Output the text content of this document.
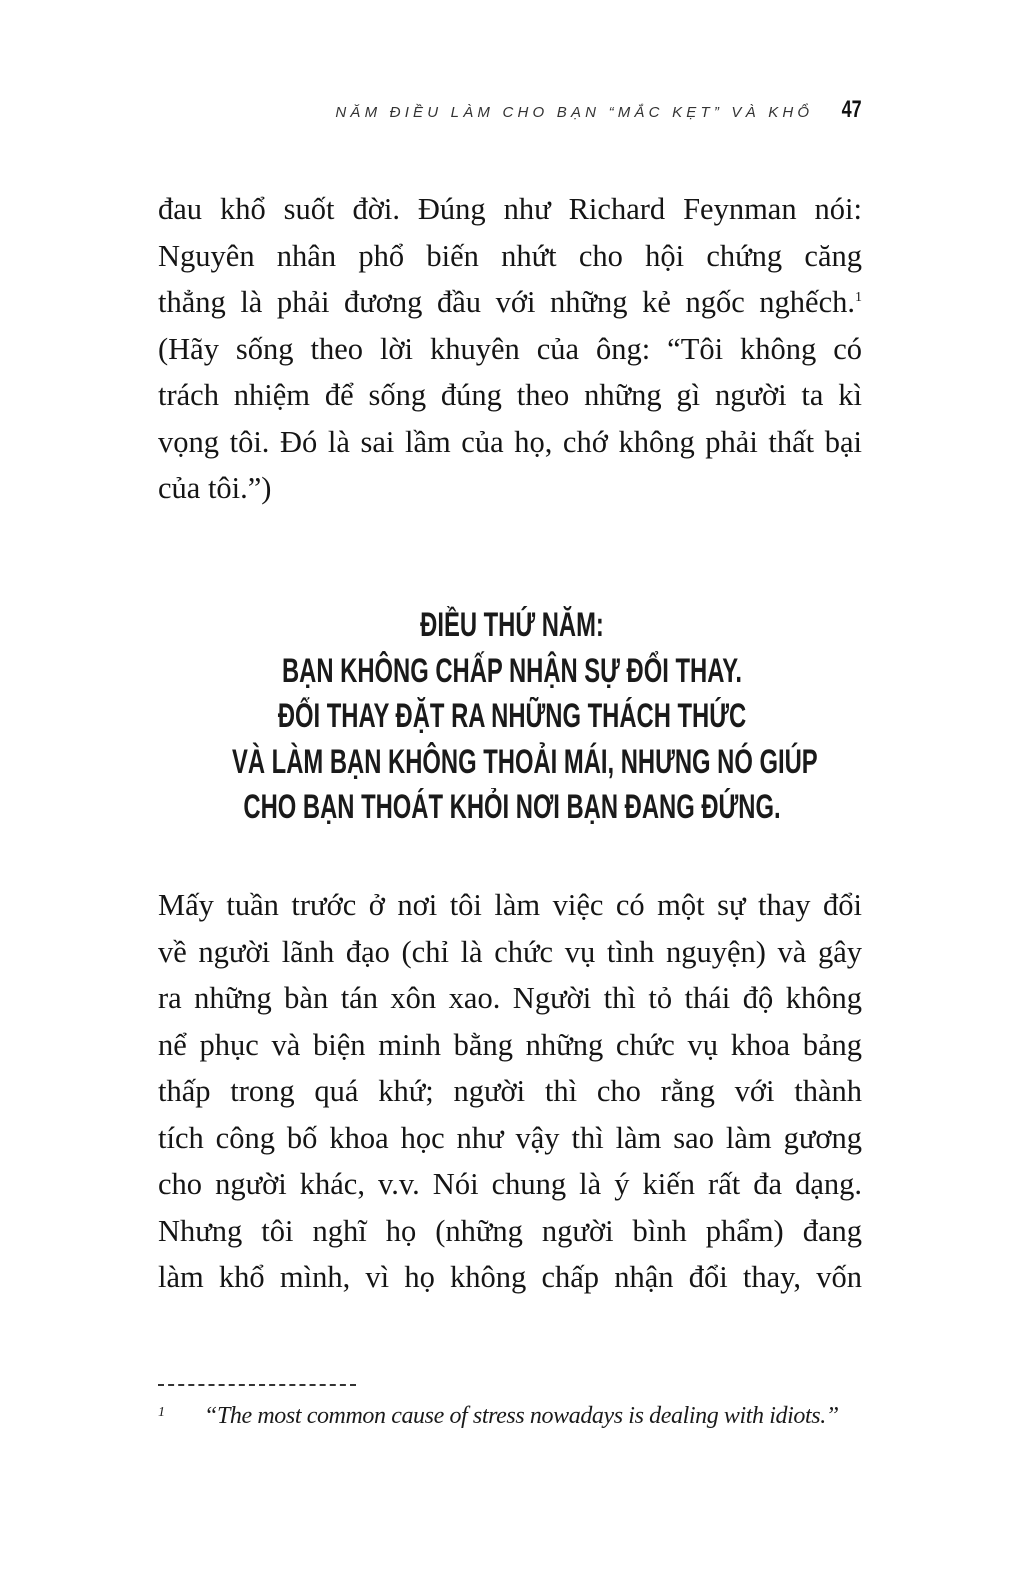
NĂM ĐIỀU LÀM CHO BẠN “MẮC KẸT” VÀ KHỔ 47

đau khổ suốt đời. Đúng như Richard Feynman nói:
Nguyên nhân phổ biến nhứt cho hội chứng căng
thẳng là phải đương đầu với những kẻ ngốc nghếch.$^1$
(Hãy sống theo lời khuyên của ông: “Tôi không có
trách nhiệm để sống đúng theo những gì người ta kì
vọng tôi. Đó là sai lầm của họ, chớ không phải thất bại
của tôi.”)

ĐIỀU THỨ NĂM:
BẠN KHÔNG CHẤP NHẬN SỰ ĐỔI THAY.
ĐỔI THAY ĐẶT RA NHỮNG THÁCH THỨC
VÀ LÀM BẠN KHÔNG THOẢI MÁI, NHƯNG NÓ GIÚP
CHO BẠN THOÁT KHỎI NƠI BẠN ĐANG ĐỨNG.

Mấy tuần trước ở nơi tôi làm việc có một sự thay đổi
về người lãnh đạo (chỉ là chức vụ tình nguyện) và gây
ra những bàn tán xôn xao. Người thì tỏ thái độ không
nể phục và biện minh bằng những chức vụ khoa bảng
thấp trong quá khứ; người thì cho rằng với thành
tích công bố khoa học như vậy thì làm sao làm gương
cho người khác, v.v. Nói chung là ý kiến rất đa dạng.
Nhưng tôi nghĩ họ (những người bình phẩm) đang
làm khổ mình, vì họ không chấp nhận đổi thay, vốn

$^1$ “The most common cause of stress nowadays is dealing with idiots.”
